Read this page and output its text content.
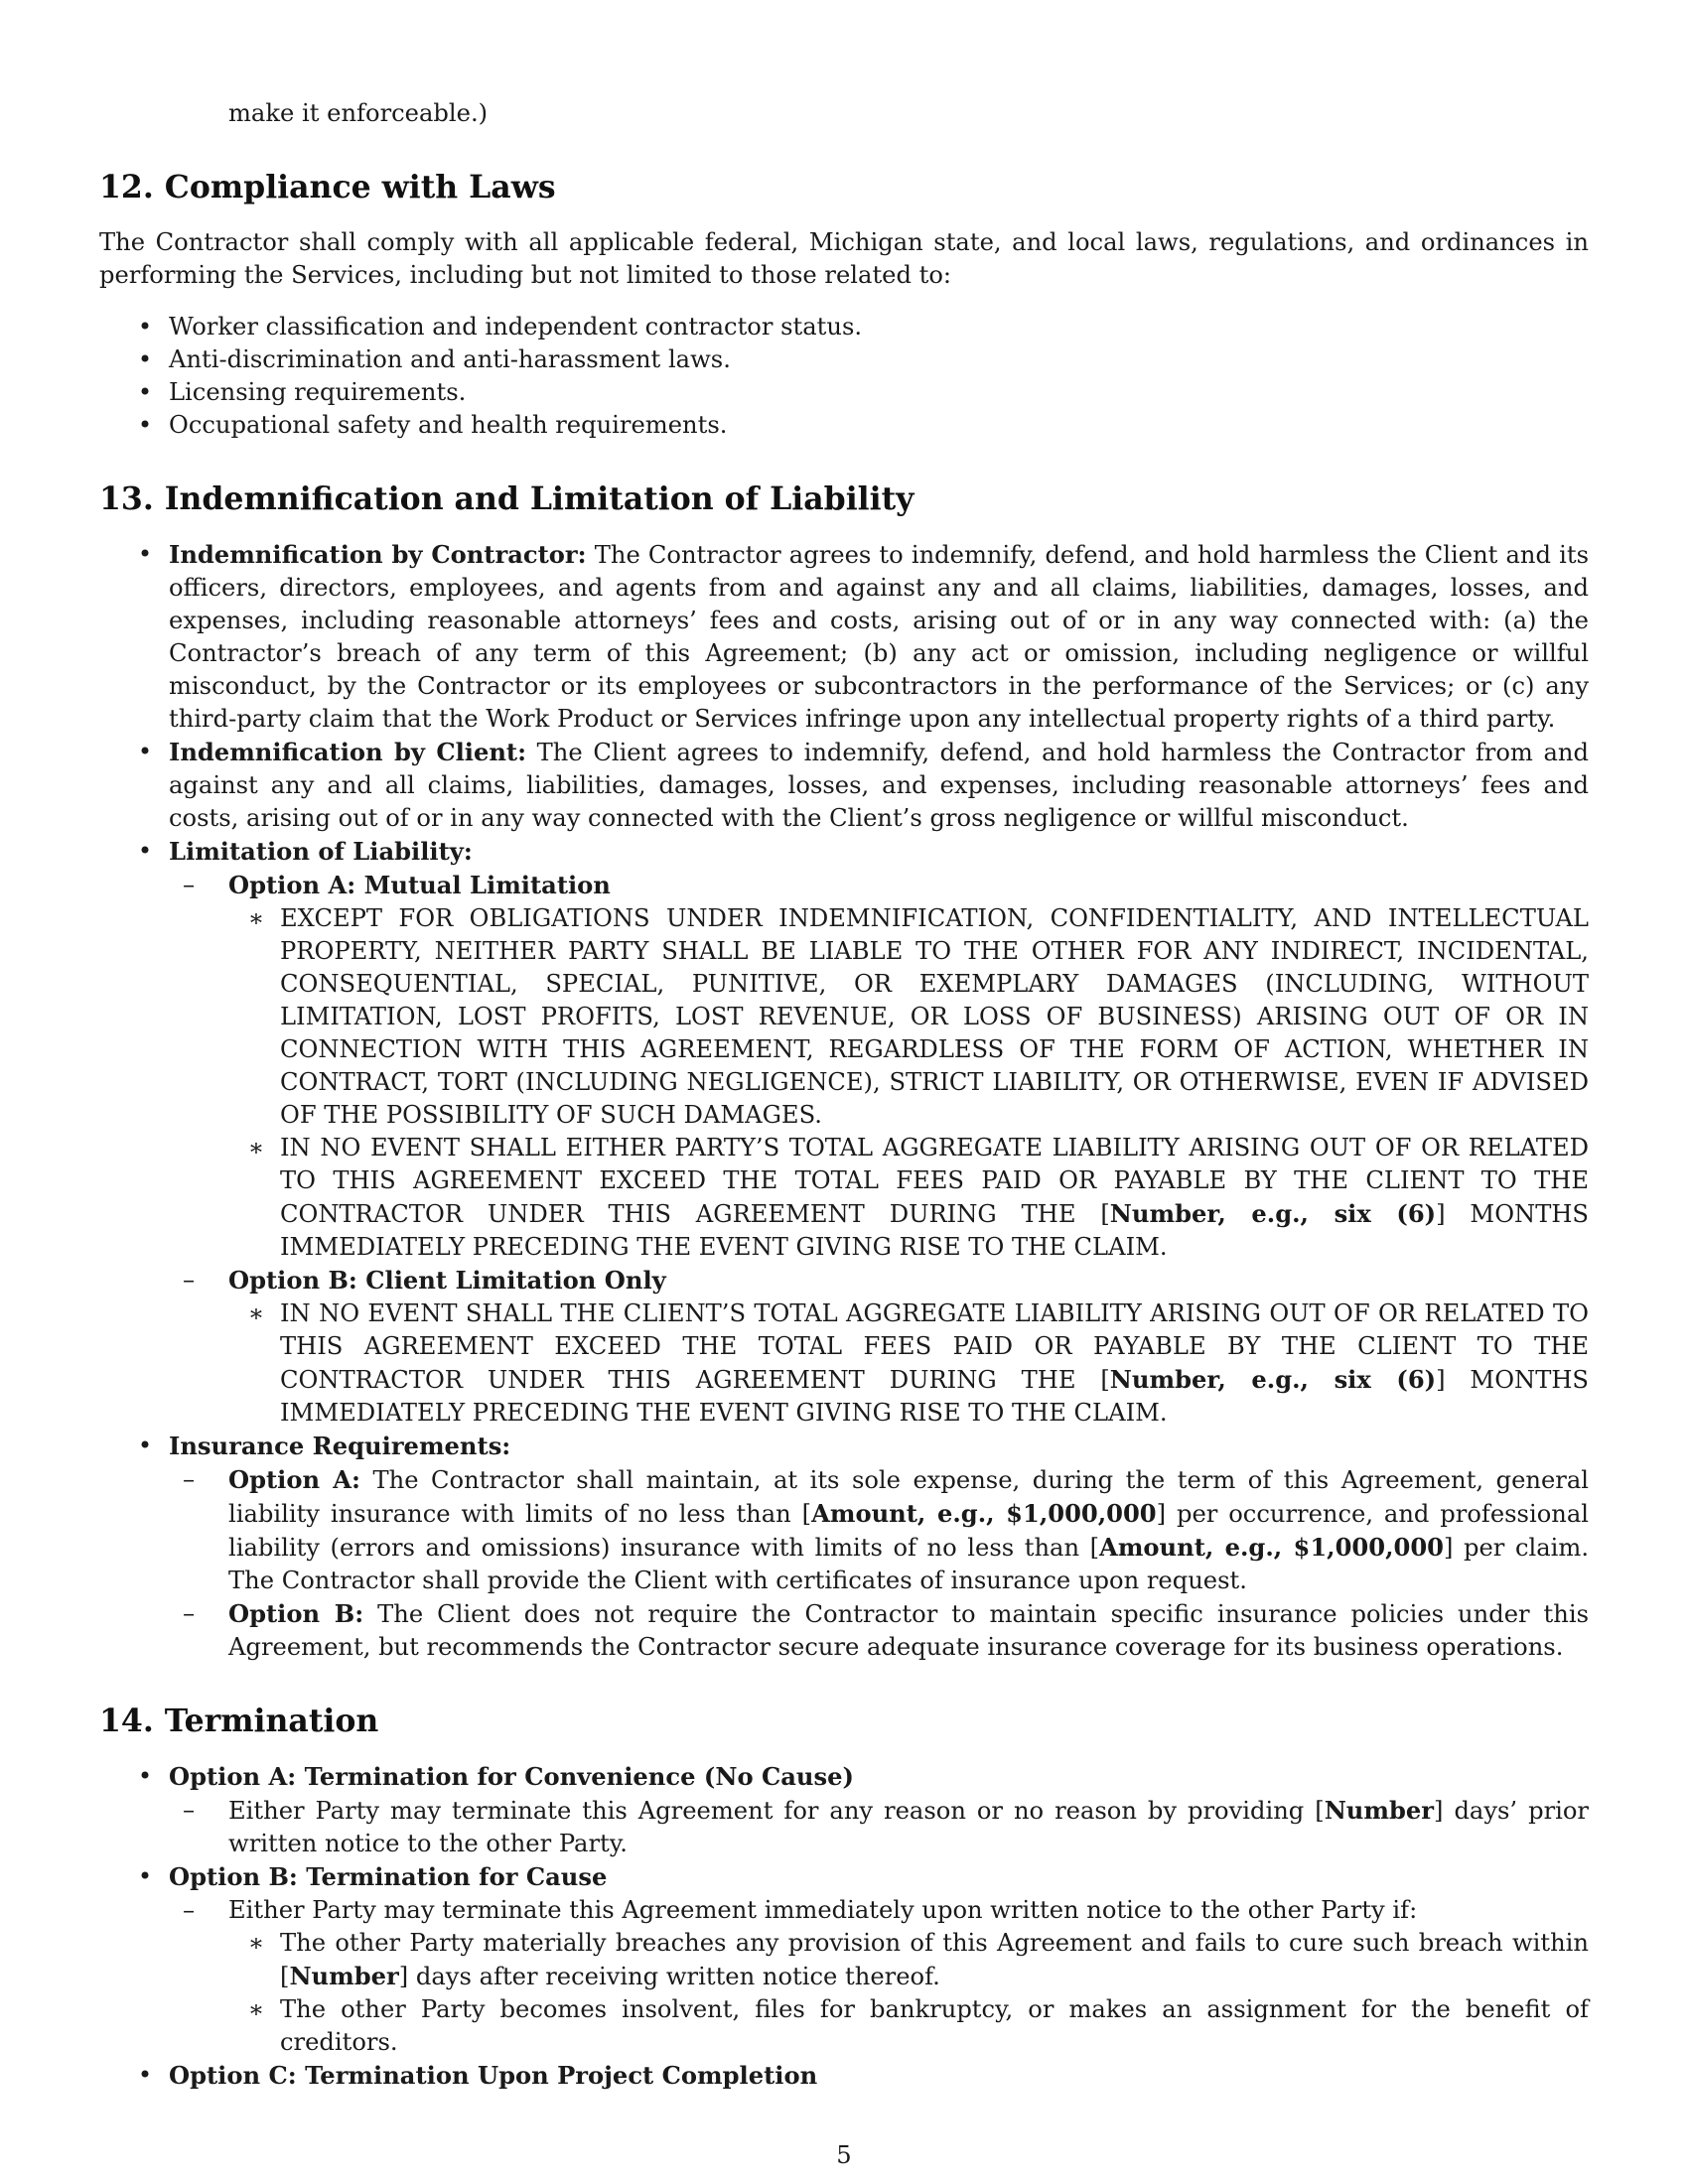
make it enforceable.)

12. Compliance with Laws

The Contractor shall comply with all applicable federal, Michigan state, and local laws, regulations, and ordinances in performing the Services, including but not limited to those related to:

• Worker classification and independent contractor status.
• Anti-discrimination and anti-harassment laws.
• Licensing requirements.
• Occupational safety and health requirements.
13. Indemnification and Limitation of Liability
• Indemnification by Contractor: The Contractor agrees to indemnify, defend, and hold harmless the Client and its officers, directors, employees, and agents from and against any and all claims, liabilities, damages, losses, and expenses, including reasonable attorneys’ fees and costs, arising out of or in any way connected with: (a) the Contractor’s breach of any term of this Agreement; (b) any act or omission, including negligence or willful misconduct, by the Contractor or its employees or subcontractors in the performance of the Services; or (c) any third-party claim that the Work Product or Services infringe upon any intellectual property rights of a third party.
• Indemnification by Client: The Client agrees to indemnify, defend, and hold harmless the Contractor from and against any and all claims, liabilities, damages, losses, and expenses, including reasonable attorneys’ fees and costs, arising out of or in any way connected with the Client’s gross negligence or willful misconduct.
• Limitation of Liability:
–	Option A: Mutual Limitation
∗ EXCEPT FOR OBLIGATIONS UNDER INDEMNIFICATION, CONFIDENTIALITY, AND INTELLECTUAL PROPERTY, NEITHER PARTY SHALL BE LIABLE TO THE OTHER FOR ANY INDIRECT, INCIDENTAL, CONSEQUENTIAL, SPECIAL, PUNITIVE, OR EXEMPLARY DAMAGES (INCLUDING, WITHOUT LIMITATION, LOST PROFITS, LOST REVENUE, OR LOSS OF BUSINESS) ARISING OUT OF OR IN CONNECTION WITH THIS AGREEMENT, REGARDLESS OF THE FORM OF ACTION, WHETHER IN CONTRACT, TORT (INCLUDING NEGLIGENCE), STRICT LIABILITY, OR OTHERWISE, EVEN IF ADVISED OF THE POSSIBILITY OF SUCH DAMAGES.
∗ IN NO EVENT SHALL EITHER PARTY’S TOTAL AGGREGATE LIABILITY ARISING OUT OF OR RELATED TO THIS AGREEMENT EXCEED THE TOTAL FEES PAID OR PAYABLE BY THE CLIENT TO THE CONTRACTOR UNDER THIS AGREEMENT DURING THE [Number, e.g., six (6)] MONTHS IMMEDIATELY PRECEDING THE EVENT GIVING RISE TO THE CLAIM.
–	Option B: Client Limitation Only
∗ IN NO EVENT SHALL THE CLIENT’S TOTAL AGGREGATE LIABILITY ARISING OUT OF OR RELATED TO THIS AGREEMENT EXCEED THE TOTAL FEES PAID OR PAYABLE BY THE CLIENT TO THE CONTRACTOR UNDER THIS AGREEMENT DURING THE [Number, e.g., six (6)] MONTHS IMMEDIATELY PRECEDING THE EVENT GIVING RISE TO THE CLAIM.
• Insurance Requirements:
–	Option A: The Contractor shall maintain, at its sole expense, during the term of this Agreement, general liability insurance with limits of no less than [Amount, e.g., $1,000,000] per occurrence, and professional liability (errors and omissions) insurance with limits of no less than [Amount, e.g., $1,000,000] per claim. The Contractor shall provide the Client with certificates of insurance upon request.
–	Option B: The Client does not require the Contractor to maintain specific insurance policies under this Agreement, but recommends the Contractor secure adequate insurance coverage for its business operations.
14. Termination
• Option A: Termination for Convenience (No Cause)
–	Either Party may terminate this Agreement for any reason or no reason by providing [Number] days’ prior written notice to the other Party.
• Option B: Termination for Cause
–	Either Party may terminate this Agreement immediately upon written notice to the other Party if:
∗ The other Party materially breaches any provision of this Agreement and fails to cure such breach within [Number] days after receiving written notice thereof.
∗ The other Party becomes insolvent, files for bankruptcy, or makes an assignment for the benefit of creditors.
• Option C: Termination Upon Project Completion
5
